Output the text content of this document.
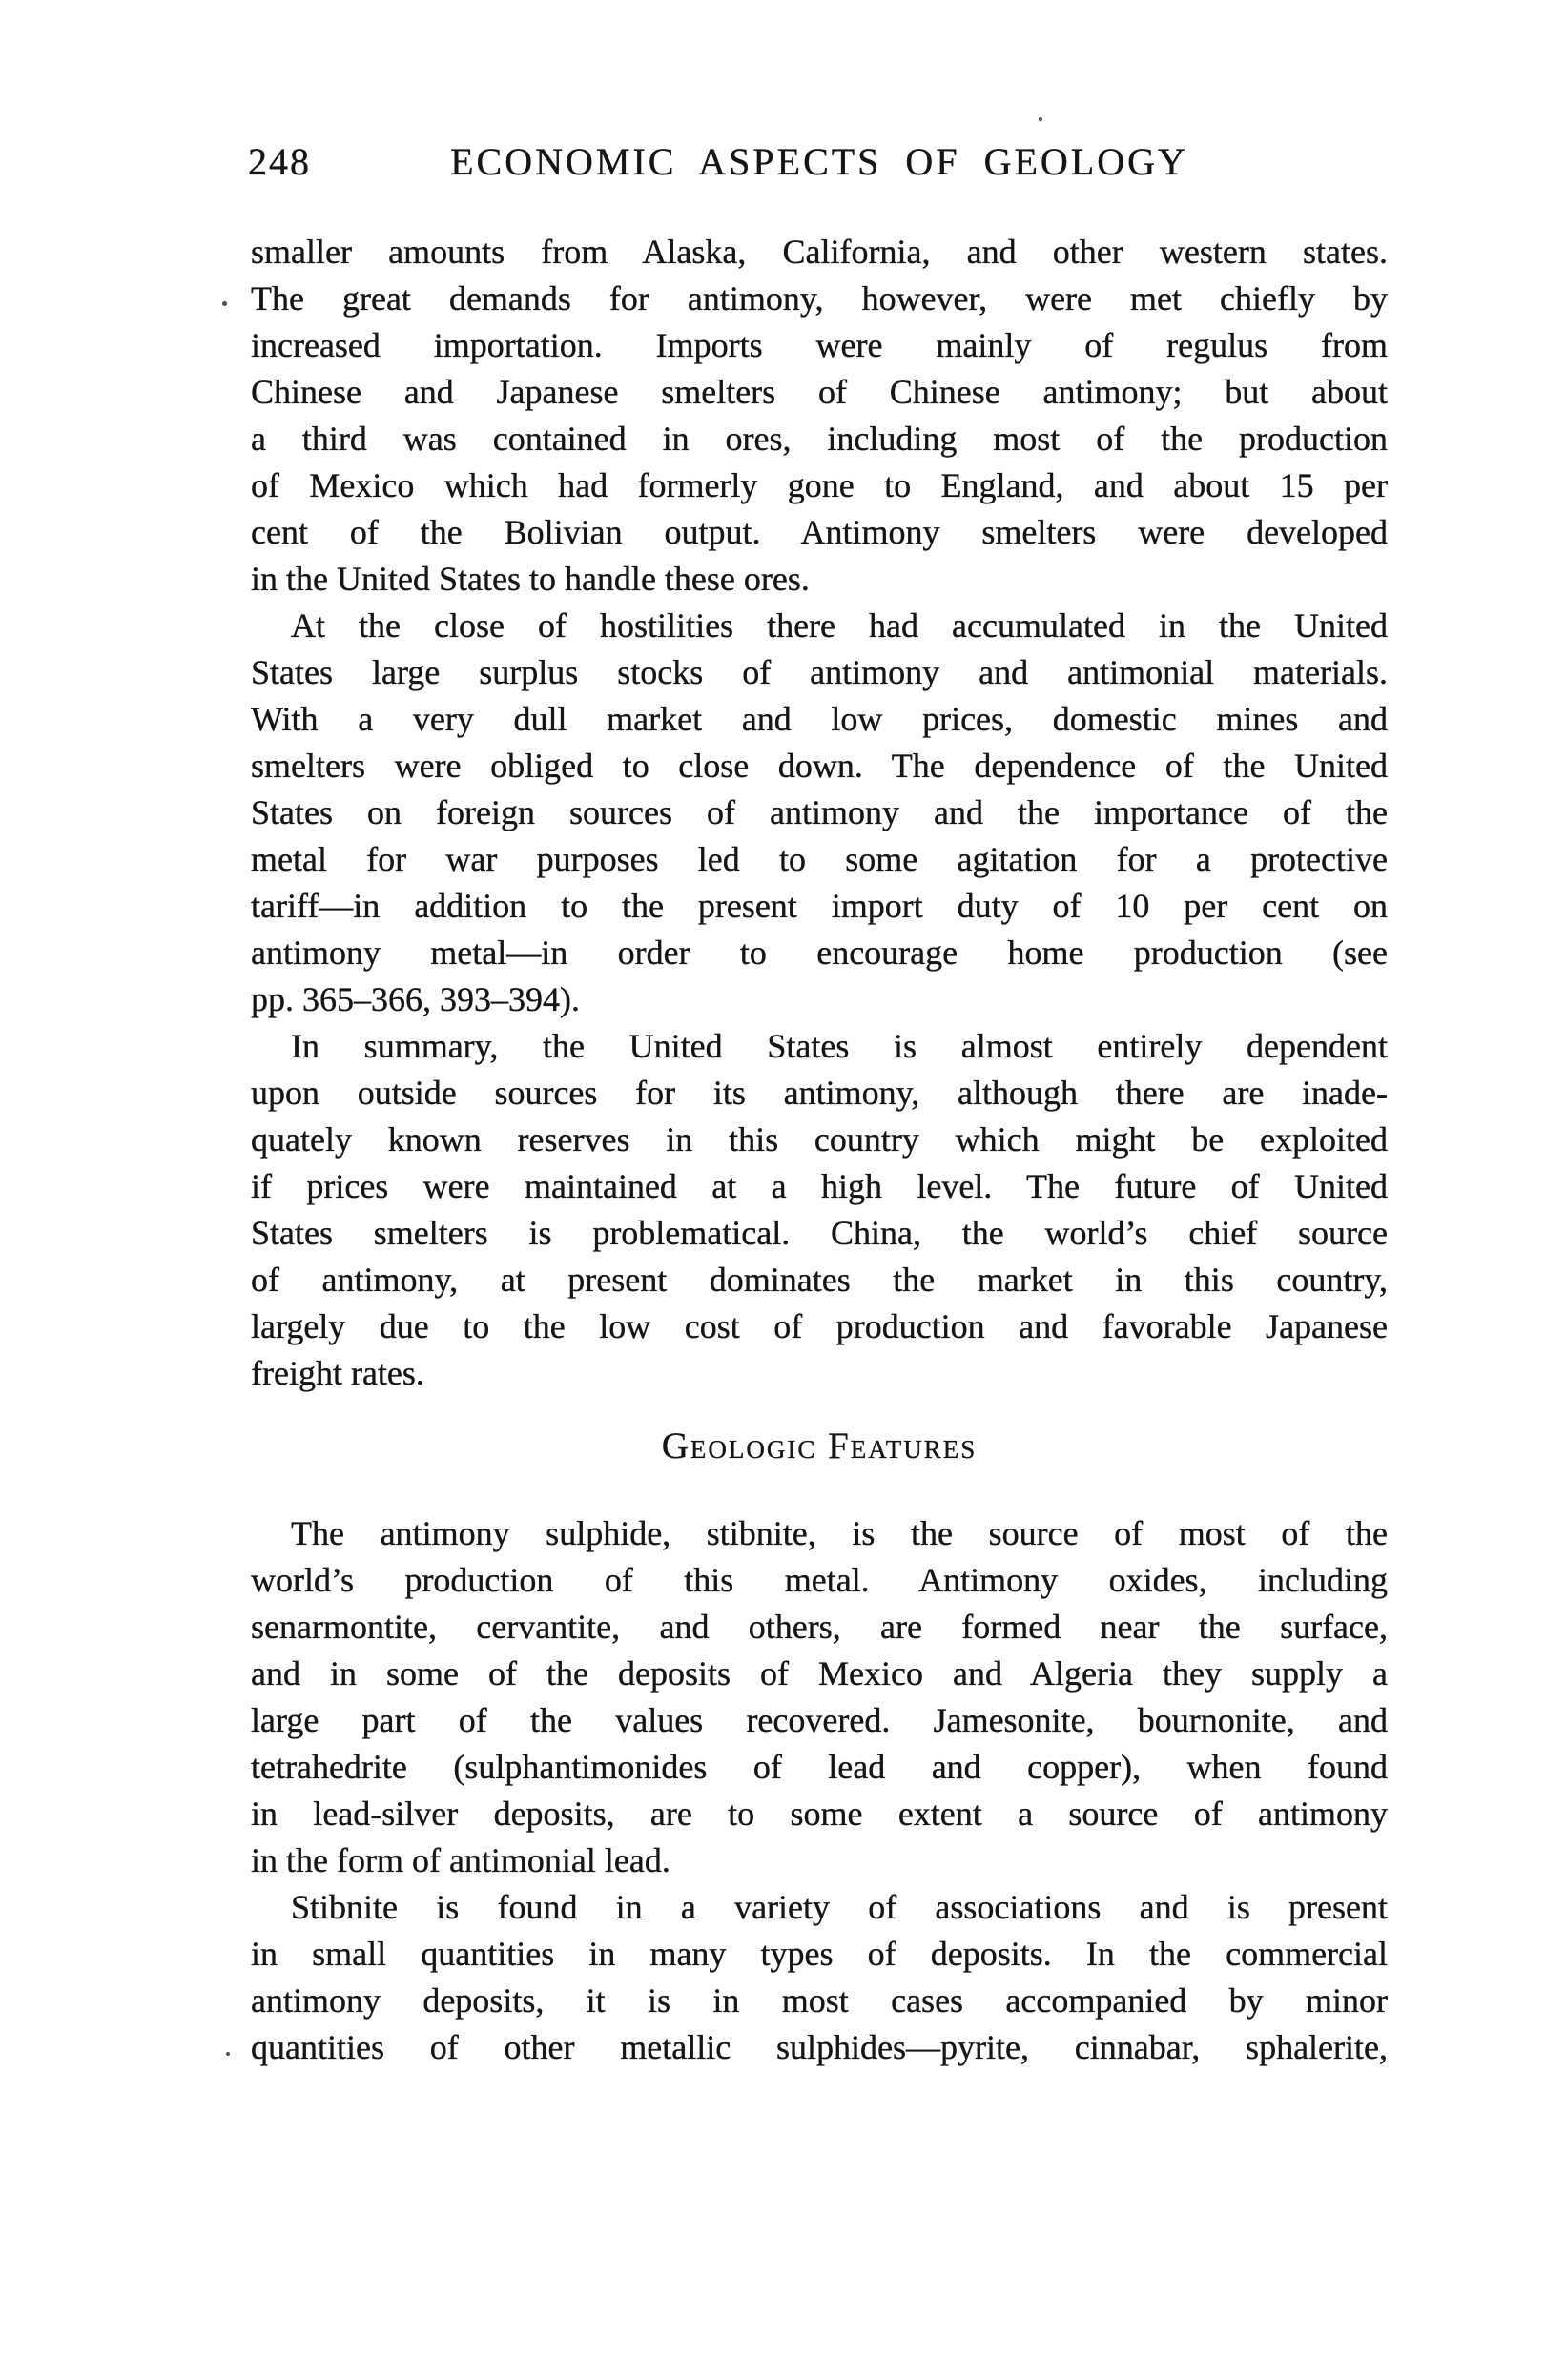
248	ECONOMIC ASPECTS OF GEOLOGY
smaller amounts from Alaska, California, and other western states.
The great demands for antimony, however, were met chiefly by
increased importation. Imports were mainly of regulus from
Chinese and Japanese smelters of Chinese antimony; but about
a third was contained in ores, including most of the production
of Mexico which had formerly gone to England, and about 15 per
cent of the Bolivian output. Antimony smelters were developed
in the United States to handle these ores.
At the close of hostilities there had accumulated in the United
States large surplus stocks of antimony and antimonial materials.
With a very dull market and low prices, domestic mines and
smelters were obliged to close down. The dependence of the United
States on foreign sources of antimony and the importance of the
metal for war purposes led to some agitation for a protective
tariff—in addition to the present import duty of 10 per cent on
antimony metal—in order to encourage home production (see
pp. 365–366, 393–394).
In summary, the United States is almost entirely dependent
upon outside sources for its antimony, although there are inade-
quately known reserves in this country which might be exploited
if prices were maintained at a high level. The future of United
States smelters is problematical. China, the world’s chief source
of antimony, at present dominates the market in this country,
largely due to the low cost of production and favorable Japanese
freight rates.
Geologic Features
The antimony sulphide, stibnite, is the source of most of the
world’s production of this metal. Antimony oxides, including
senarmontite, cervantite, and others, are formed near the surface,
and in some of the deposits of Mexico and Algeria they supply a
large part of the values recovered. Jamesonite, bournonite, and
tetrahedrite (sulphantimonides of lead and copper), when found
in lead-silver deposits, are to some extent a source of antimony
in the form of antimonial lead.
Stibnite is found in a variety of associations and is present
in small quantities in many types of deposits. In the commercial
antimony deposits, it is in most cases accompanied by minor
quantities of other metallic sulphides—pyrite, cinnabar, sphalerite,
